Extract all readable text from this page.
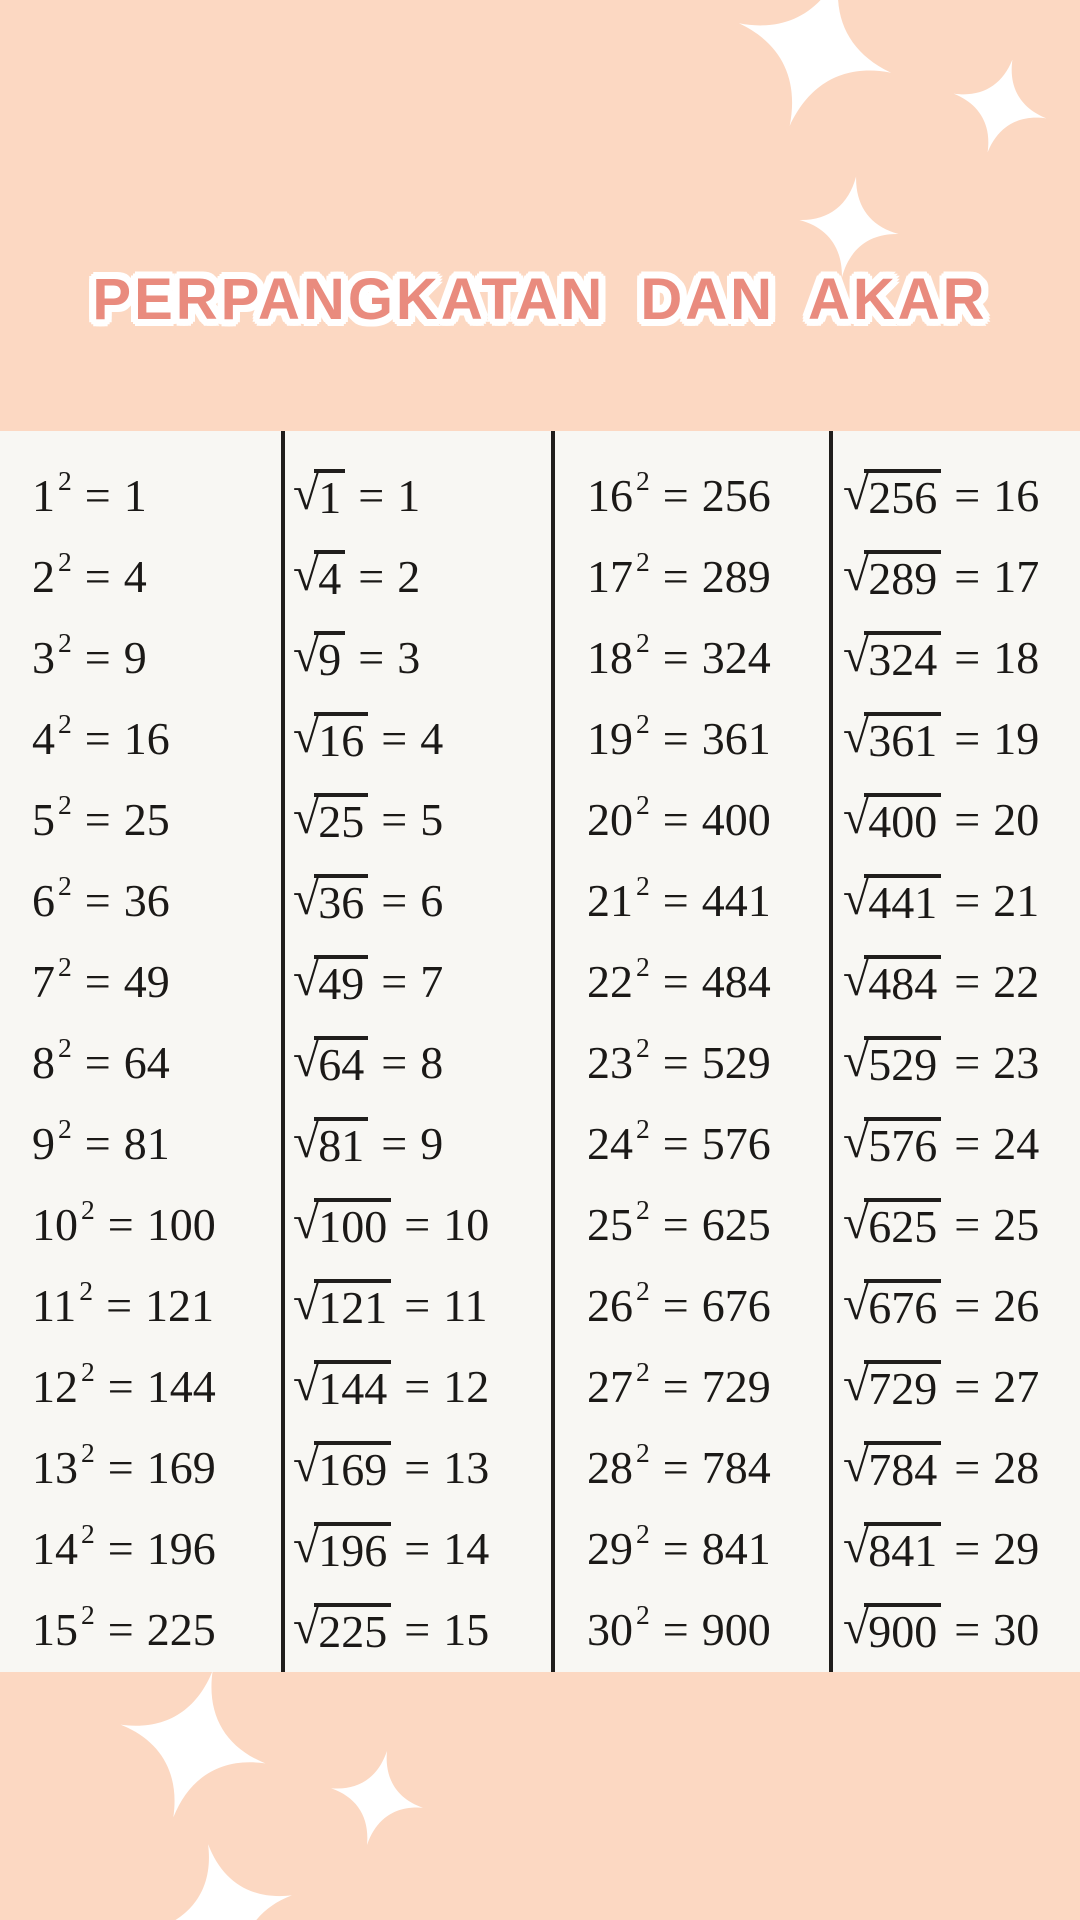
PERPANGKATAN DAN AKAR
1 2 = 1
2 2 = 4
3 2 = 9
4 2 = 16
5 2 = 25
6 2 = 36
7 2 = 49
8 2 = 64
9 2 = 81
10 2 = 100
11 2 = 121
12 2 = 144
13 2 = 169
14 2 = 196
15 2 = 225
√ 1 = 1
√ 4 = 2
√ 9 = 3
√ 16 = 4
√ 25 = 5
√ 36 = 6
√ 49 = 7
√ 64 = 8
√ 81 = 9
√ 100 = 10
√ 121 = 11
√ 144 = 12
√ 169 = 13
√ 196 = 14
√ 225 = 15
16 2 = 256
17 2 = 289
18 2 = 324
19 2 = 361
20 2 = 400
21 2 = 441
22 2 = 484
23 2 = 529
24 2 = 576
25 2 = 625
26 2 = 676
27 2 = 729
28 2 = 784
29 2 = 841
30 2 = 900
√ 256 = 16
√ 289 = 17
√ 324 = 18
√ 361 = 19
√ 400 = 20
√ 441 = 21
√ 484 = 22
√ 529 = 23
√ 576 = 24
√ 625 = 25
√ 676 = 26
√ 729 = 27
√ 784 = 28
√ 841 = 29
√ 900 = 30
